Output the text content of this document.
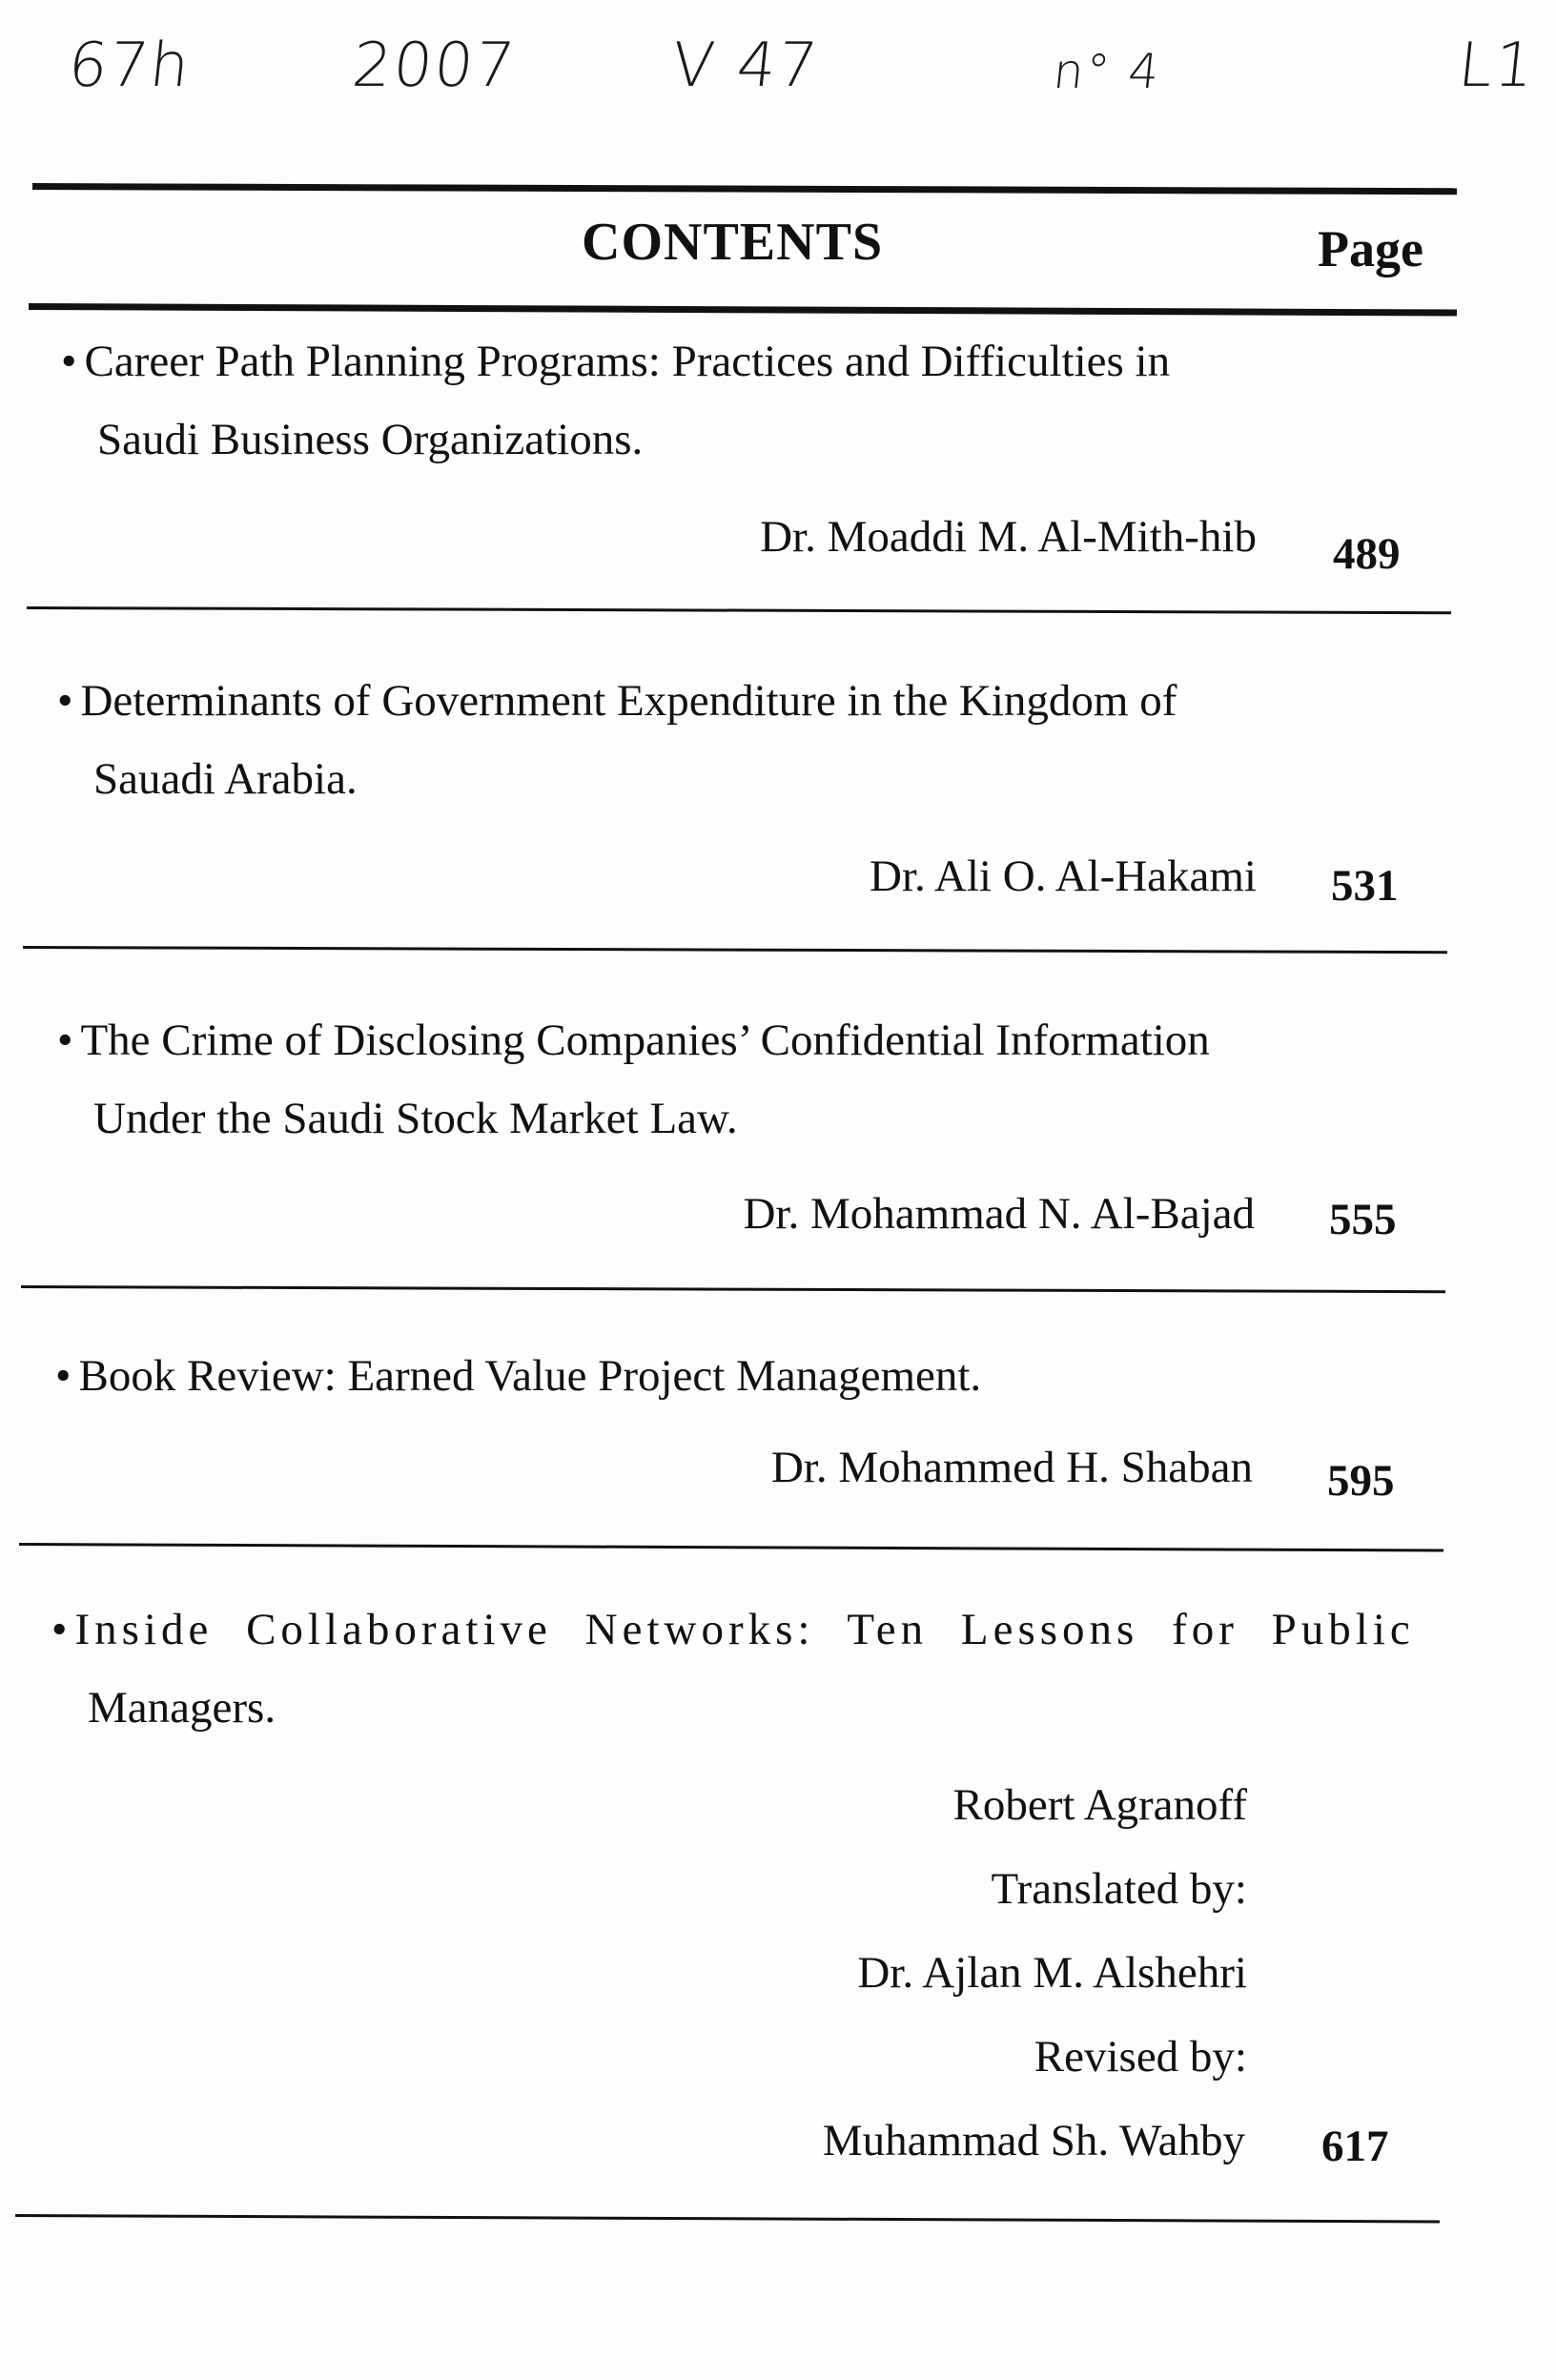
67h	2007 V 47	n° 4	L1
CONTENTS	Page
• Career Path Planning Programs: Practices and Difficulties in
Saudi Business Organizations.
Dr. Moaddi M. Al-Mith-hib 489
• Determinants of Government Expenditure in the Kingdom of
Sauadi Arabia.
Dr. Ali O. Al-Hakami 531
• The Crime of Disclosing Companies’ Confidential Information
Under the Saudi Stock Market Law.
Dr. Mohammad N. Al-Bajad 555
• Book Review: Earned Value Project Management.
Dr. Mohammed H. Shaban 595
• Inside Collaborative Networks: Ten Lessons for Public
Managers.
Robert Agranoff
Translated by:
Dr. Ajlan M. Alshehri
Revised by:
Muhammad Sh. Wahby 617
